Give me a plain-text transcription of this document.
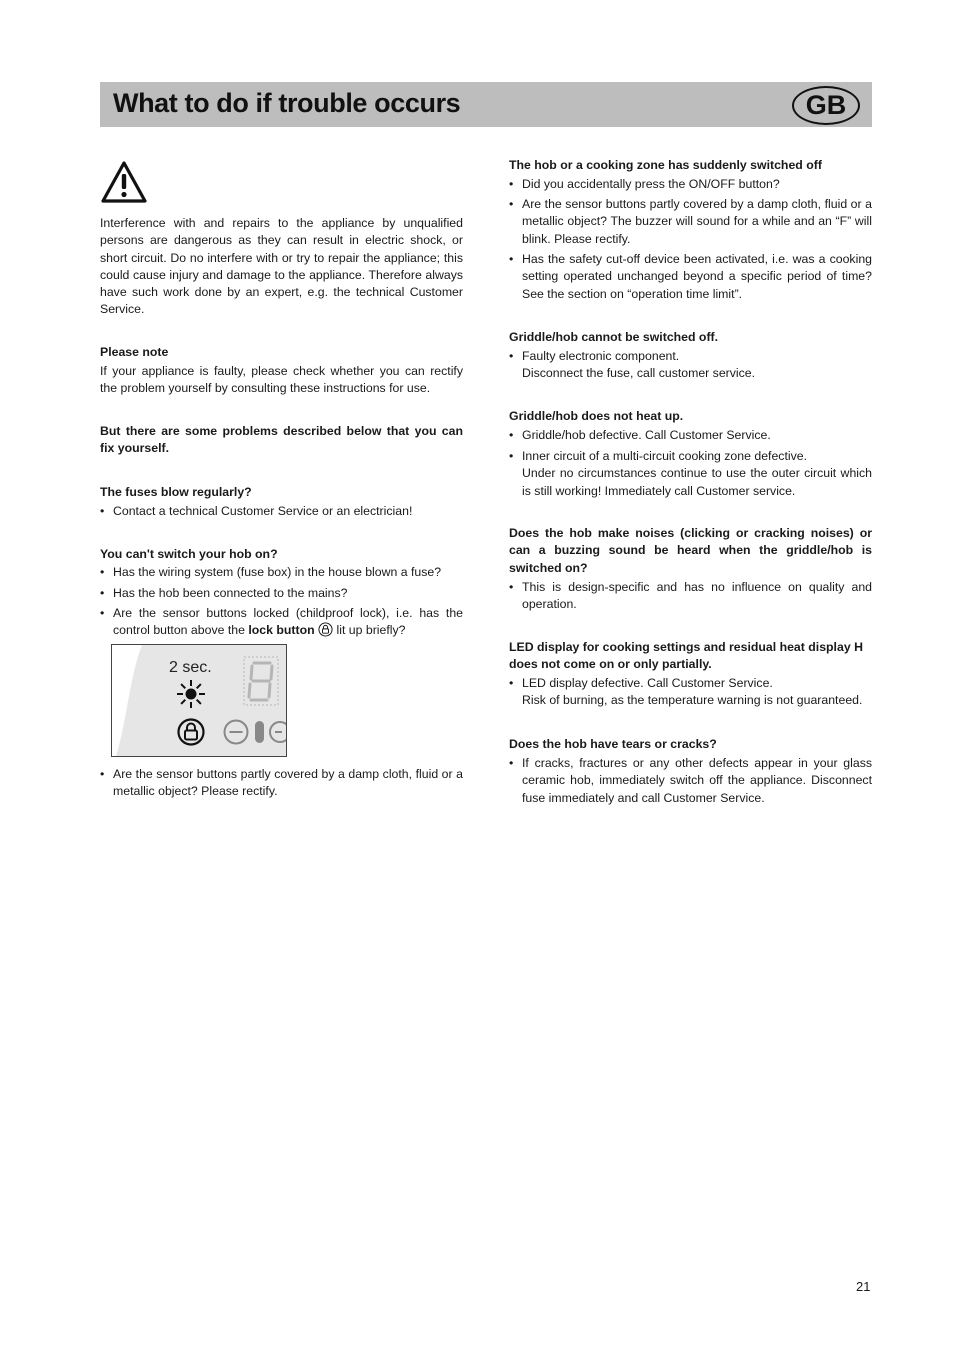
What to do if trouble occurs	GB
Interference with and repairs to the appliance by unqualified persons are dangerous as they can result in electric shock, or short circuit. Do no interfere with or try to repair the appliance; this could cause injury and damage to the appliance. Therefore always have such work done by an expert, e.g. the technical Customer Service.
Please note
If your appliance is faulty, please check whether you can rectify the problem yourself by consulting these instructions for use.
But there are some problems described below that you can fix yourself.
The fuses blow regularly?
• Contact a technical Customer Service or an electrician!
You can't switch your hob on?
• Has the wiring system (fuse box) in the house blown a fuse?
• Has the hob been connected to the mains?
• Are the sensor buttons locked (childproof lock), i.e. has the control button above the lock button lit up briefly?
2 sec.
• Are the sensor buttons partly covered by a damp cloth, fluid or a metallic object? Please rectify.
The hob or a cooking zone has suddenly switched off
• Did you accidentally press the ON/OFF button?
• Are the sensor buttons partly covered by a damp cloth, fluid or a metallic object? The buzzer will sound for a while and an “F” will blink. Please rectify.
• Has the safety cut-off device been activated, i.e. was a cooking setting operated unchanged beyond a specific period of time? See the section on “operation time limit”.
Griddle/hob cannot be switched off.
• Faulty electronic component.

Disconnect the fuse, call customer service.

Griddle/hob does not heat up.
• Griddle/hob defective. Call Customer Service.
• Inner circuit of a multi-circuit cooking zone defective.

Under no circumstances continue to use the outer circuit which is still working! Immediately call Customer service.

Does the hob make noises (clicking or cracking noises) or can a buzzing sound be heard when the griddle/hob is switched on?
• This is design-specific and has no influence on quality and operation.
LED display for cooking settings and residual heat display H does not come on or only partially.
• LED display defective. Call Customer Service.

Risk of burning, as the temperature warning is not guaranteed.

Does the hob have tears or cracks?
• If cracks, fractures or any other defects appear in your glass ceramic hob, immediately switch off the appliance. Disconnect fuse immediately and call Customer Service.
21
